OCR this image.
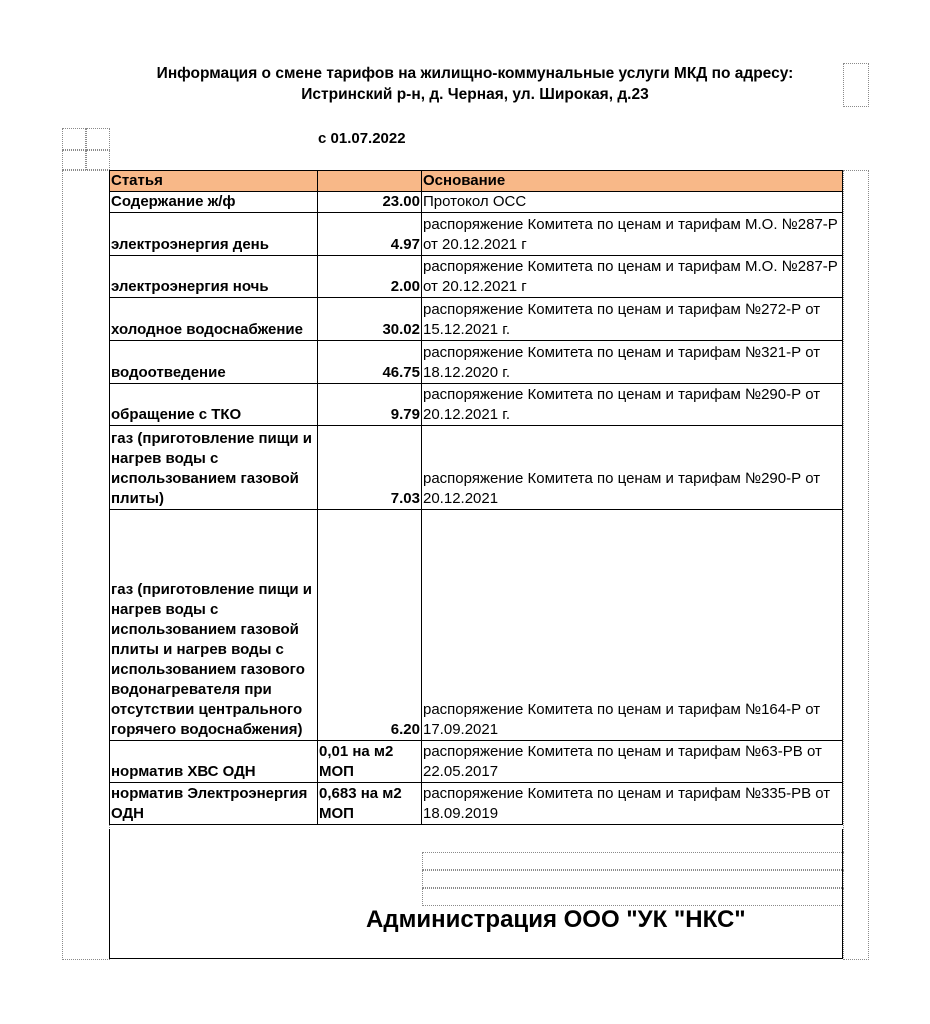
Информация о смене тарифов на жилищно-коммунальные услуги МКД по адресу:
Истринский р-н, д. Черная, ул. Широкая, д.23
с 01.07.2022
Статья		Основание
Содержание ж/ф	23.00	Протокол ОСС
электроэнергия день	4.97	распоряжение Комитета по ценам и тарифам М.О. №287-Р от 20.12.2021 г
электроэнергия ночь	2.00	распоряжение Комитета по ценам и тарифам М.О. №287-Р от 20.12.2021 г
холодное водоснабжение	30.02	распоряжение Комитета по ценам и тарифам №272-Р от 15.12.2021 г.
водоотведение	46.75	распоряжение Комитета по ценам и тарифам №321-Р от 18.12.2020 г.
обращение с ТКО	9.79	распоряжение Комитета по ценам и тарифам №290-Р от 20.12.2021 г.
газ (приготовление пищи и нагрев воды с использованием газовой плиты)	7.03	распоряжение Комитета по ценам и тарифам №290-Р от 20.12.2021
газ (приготовление пищи и нагрев воды с использованием газовой плиты и нагрев воды с использованием газового водонагревателя при отсутствии центрального горячего водоснабжения)	6.20	распоряжение Комитета по ценам и тарифам №164-Р от 17.09.2021
норматив ХВС ОДН	0,01 на м2 МОП	распоряжение Комитета по ценам и тарифам №63-РВ от 22.05.2017
норматив Электроэнергия ОДН	0,683 на м2 МОП	распоряжение Комитета по ценам и тарифам №335-РВ от 18.09.2019
Администрация ООО "УК "НКС"
